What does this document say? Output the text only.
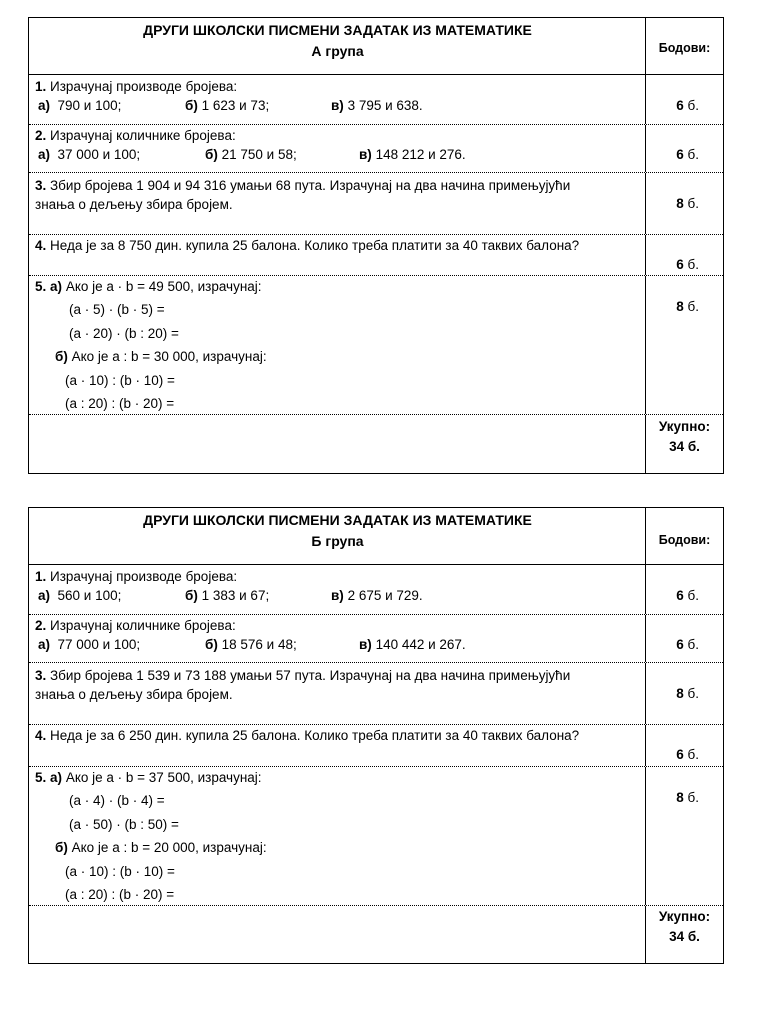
ДРУГИ ШКОЛСКИ ПИСМЕНИ ЗАДАТАК ИЗ МАТЕМАТИКЕ
А група	Бодови:
1. Израчунај производе бројева:
а) 790 и 100;	б) 1 623 и 73;	в) 3 795 и 638.	6 б.
2. Израчунај количнике бројева:
а) 37 000 и 100;	б) 21 750 и 58;	в) 148 212 и 276.	6 б.
3. Збир бројева 1 904 и 94 316 умањи 68 пута. Израчунај на два начина примењујући
знања о дељењу збира бројем.	8 б.
4. Неда је за 8 750 дин. купила 25 балона. Колико треба платити за 40 таквих балона?
6 б.
5. а) Ако је a · b = 49 500, израчунај:
(a · 5) · (b · 5) =
(a · 20) · (b : 20) =
б) Ако је a : b = 30 000, израчунај:
(a · 10) : (b · 10) =
(a : 20) : (b · 20) =
8 б.
Укупно:
34 б.
ДРУГИ ШКОЛСКИ ПИСМЕНИ ЗАДАТАК ИЗ МАТЕМАТИКЕ
Б група	Бодови:
1. Израчунај производе бројева:
а) 560 и 100;	б) 1 383 и 67;	в) 2 675 и 729.	6 б.
2. Израчунај количнике бројева:
а) 77 000 и 100;	б) 18 576 и 48;	в) 140 442 и 267.	6 б.
3. Збир бројева 1 539 и 73 188 умањи 57 пута. Израчунај на два начина примењујући
знања о дељењу збира бројем.	8 б.
4. Неда је за 6 250 дин. купила 25 балона. Колико треба платити за 40 таквих балона?
6 б.
5. а) Ако је a · b = 37 500, израчунај:
(a · 4) · (b · 4) =
(a · 50) · (b : 50) =
б) Ако је a : b = 20 000, израчунај:
(a · 10) : (b · 10) =
(a : 20) : (b · 20) =
8 б.
Укупно:
34 б.
